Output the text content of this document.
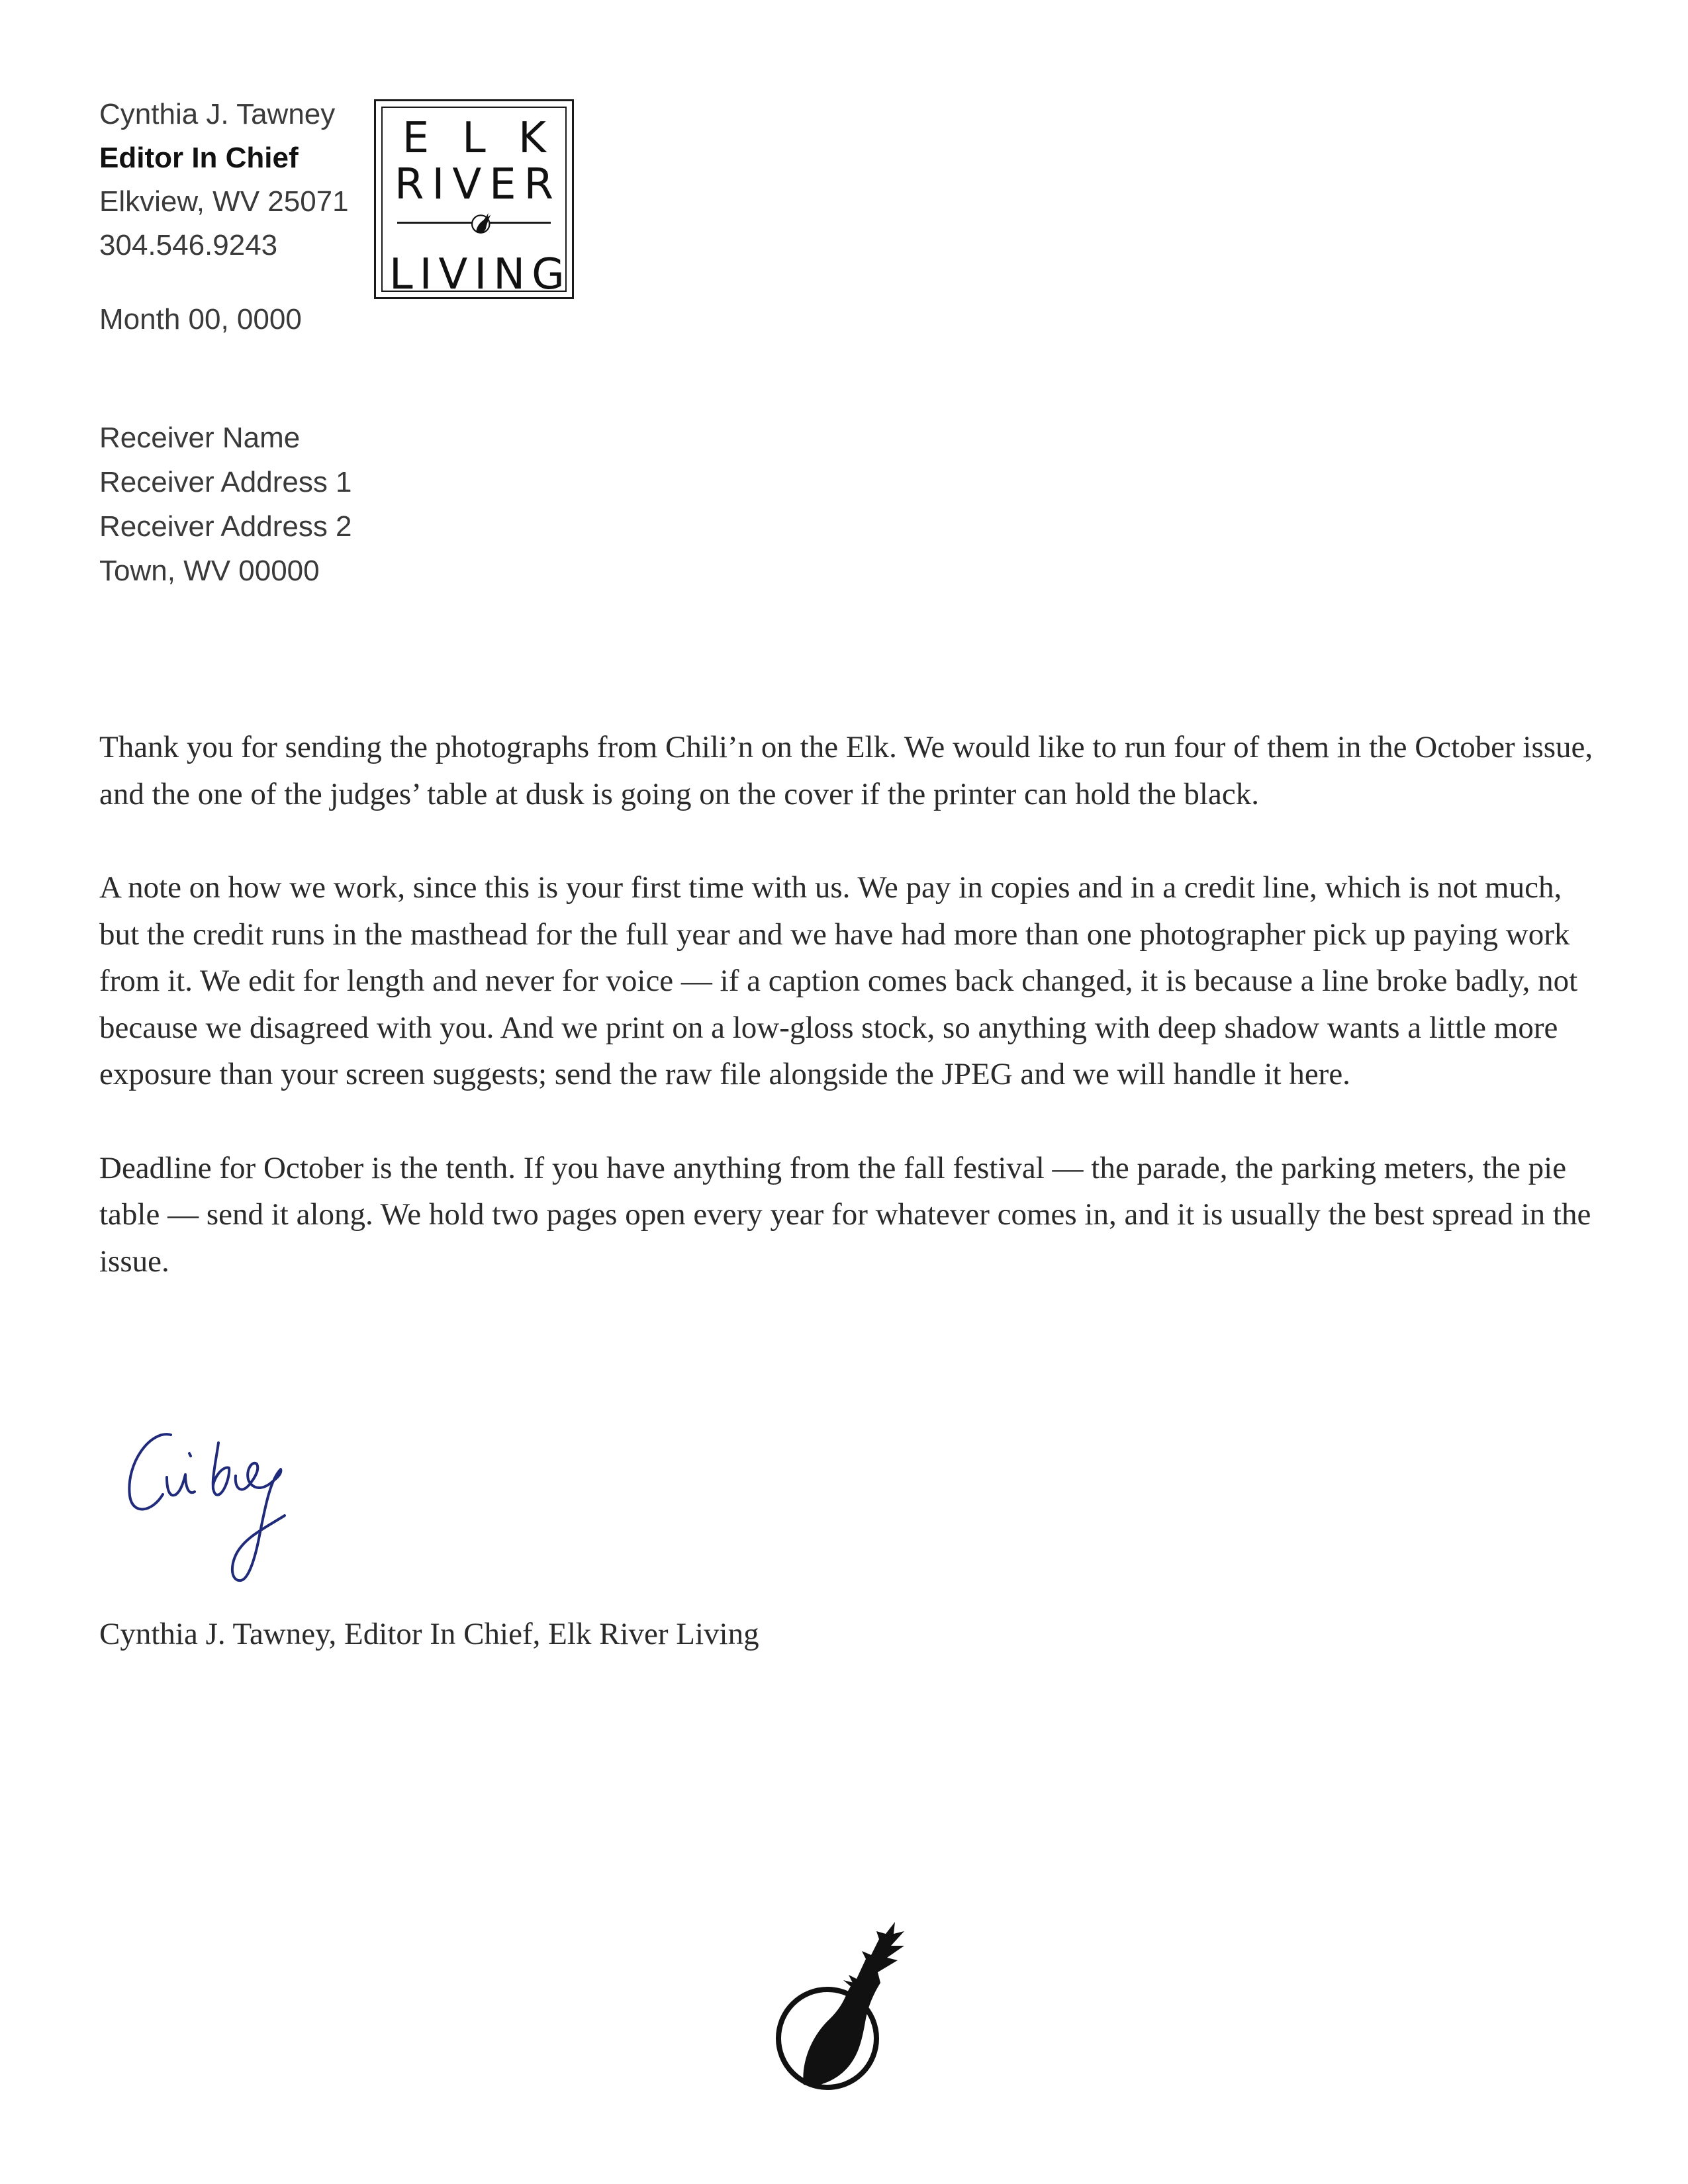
Cynthia J. Tawney
Editor In Chief
Elkview, WV 25071
304.546.9243
E L K
RIVER
LIVING
Month 00, 0000
Receiver Name
Receiver Address 1
Receiver Address 2
Town, WV 00000

Thank you for sending the photographs from Chili’n on the Elk. We would like to run four of them in the October issue, and the one of the judges’ table at dusk is going on the cover if the printer can hold the black.

A note on how we work, since this is your first time with us. We pay in copies and in a credit line, which is not much, but the credit runs in the masthead for the full year and we have had more than one photographer pick up paying work from it. We edit for length and never for voice — if a caption comes back changed, it is because a line broke badly, not because we disagreed with you. And we print on a low-gloss stock, so anything with deep shadow wants a little more exposure than your screen suggests; send the raw file alongside the JPEG and we will handle it here.

Deadline for October is the tenth. If you have anything from the fall festival — the parade, the parking meters, the pie table — send it along. We hold two pages open every year for whatever comes in, and it is usually the best spread in the issue.

Cynthia J. Tawney, Editor In Chief, Elk River Living
